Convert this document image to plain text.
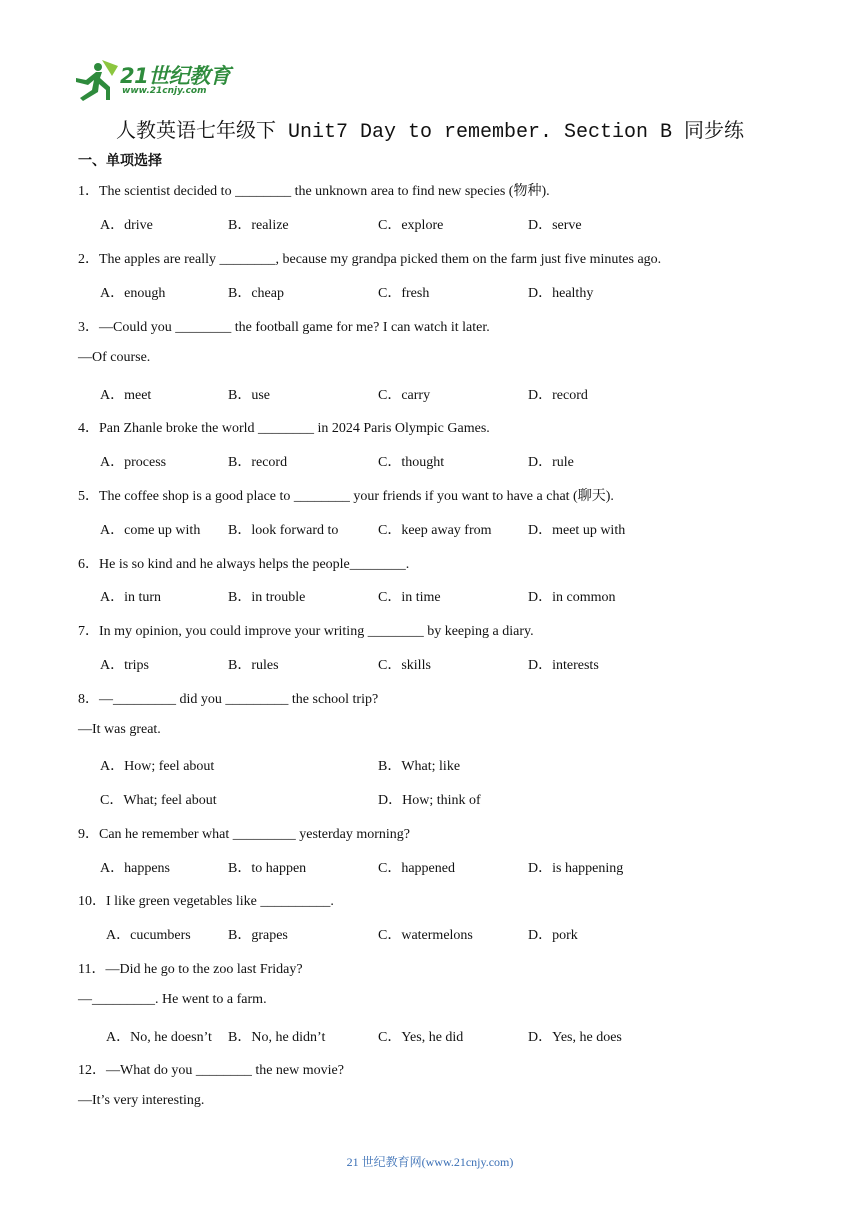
21世纪教育
www.21cnjy.com
人教英语七年级下 Unit7 Day to remember. Section B 同步练
一、单项选择
1．The scientist decided to ________ the unknown area to find new species (物种).
A．drive	B．realize	C．explore	D．serve
2．The apples are really ________, because my grandpa picked them on the farm just five minutes ago.
A．enough	B．cheap	C．fresh	D．healthy
3．—Could you ________ the football game for me? I can watch it later.
—Of course.
A．meet	B．use	C．carry	D．record
4．Pan Zhanle broke the world ________ in 2024 Paris Olympic Games.
A．process	B．record	C．thought	D．rule
5．The coffee shop is a good place to ________ your friends if you want to have a chat (聊天).
A．come up with B．look forward to	C．keep away from	D．meet up with
6．He is so kind and he always helps the people________.
A．in turn	B．in trouble	C．in time	D．in common
7．In my opinion, you could improve your writing ________ by keeping a diary.
A．trips	B．rules	C．skills	D．interests
8．—_________ did you _________ the school trip?
—It was great.
A．How; feel about	B．What; like
C．What; feel about	D．How; think of
9．Can he remember what _________ yesterday morning?
A．happens	B．to happen	C．happened	D．is happening
10．I like green vegetables like __________.
A．cucumbers	B．grapes	C．watermelons	D．pork
11．—Did he go to the zoo last Friday?
—_________. He went to a farm.
A．No, he doesn’t B．No, he didn’t	C．Yes, he did	D．Yes, he does
12．—What do you ________ the new movie?
—It’s very interesting.
21 世纪教育网(www.21cnjy.com)
